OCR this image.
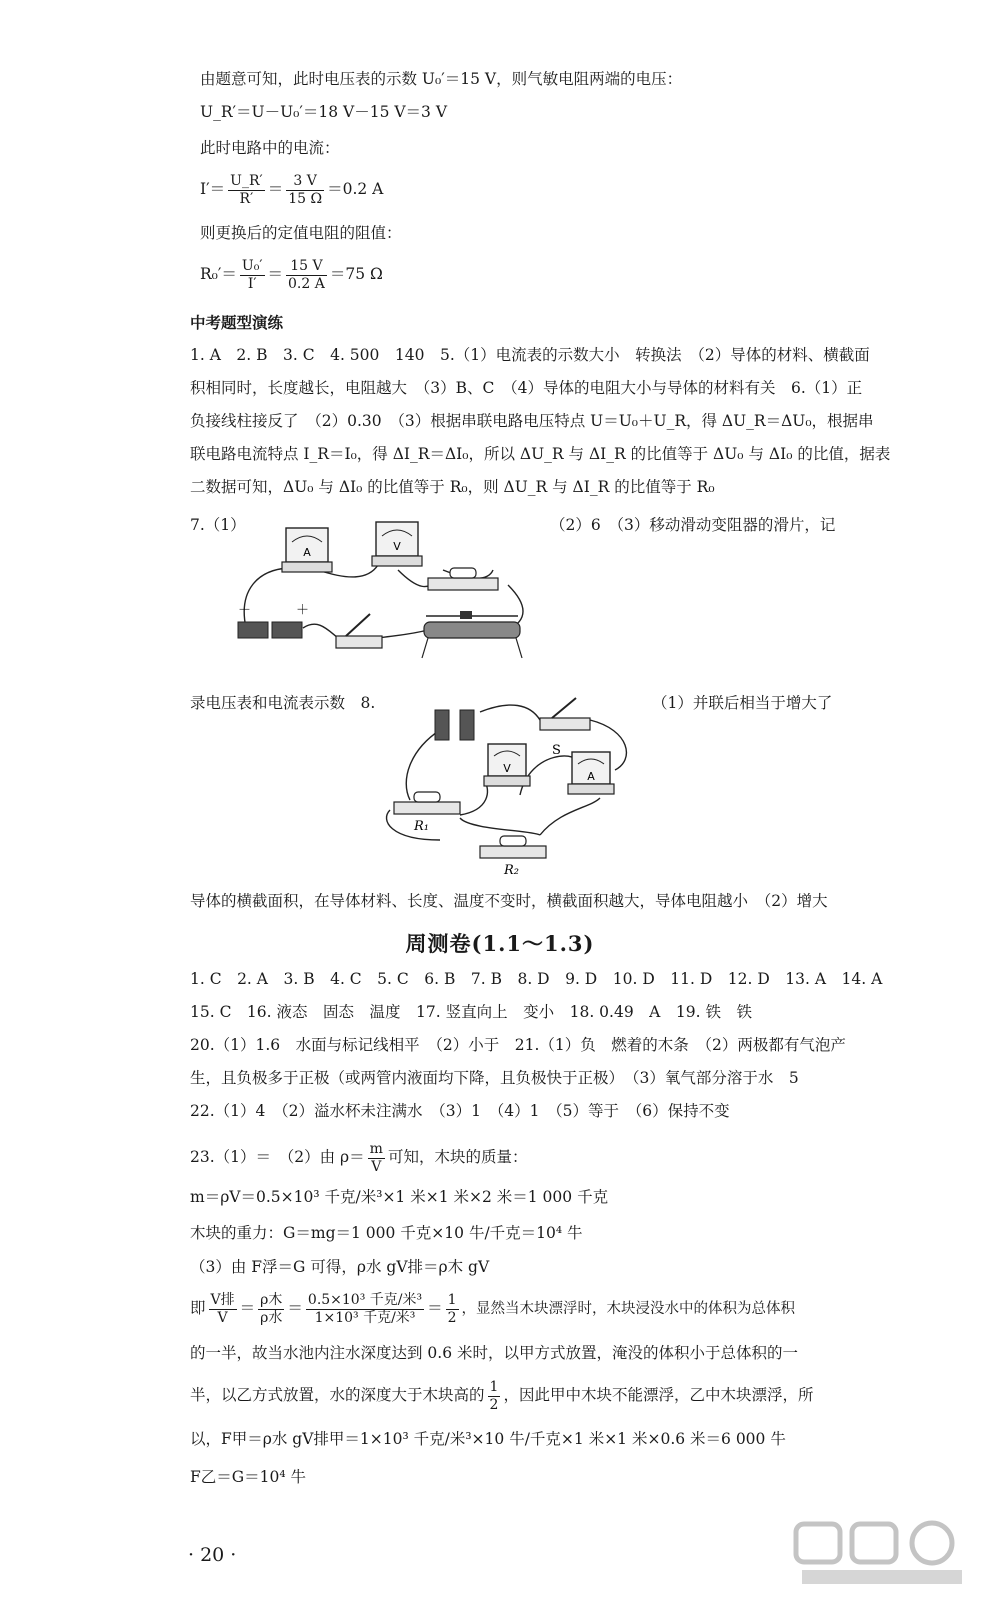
由题意可知，此时电压表的示数 U₀′＝15 V，则气敏电阻两端的电压：
U_R′＝U－U₀′＝18 V－15 V＝3 V
此时电路中的电流：
$I'= \frac{U\_R'}{R'} = \frac{3 V}{15 \Omega} =0.2$ A
则更换后的定值电阻的阻值：
$R_0'= \frac{\text{U₀′}}{I'} = \frac{15 V}{0.2 A} =75$ Ω
中考题型演练
1. A　2. B　3. C　4. 500　140　5.（1）电流表的示数大小　转换法　（2）导体的材料、横截面
积相同时，长度越长，电阻越大　（3）B、C　（4）导体的电阻大小与导体的材料有关　6.（1）正
负接线柱接反了　（2）0.30　（3）根据串联电路电压特点 U＝U₀＋U_R，得 ΔU_R＝ΔU₀，根据串
联电路电流特点 I_R＝I₀，得 ΔI_R＝ΔI₀，所以 ΔU_R 与 ΔI_R 的比值等于 ΔU₀ 与 ΔI₀ 的比值，据表
二数据可知，ΔU₀ 与 ΔI₀ 的比值等于 R₀，则 ΔU_R 与 ΔI_R 的比值等于 R₀
7.（1）	（2）6　（3）移动滑动变阻器的滑片，记
A	V
－	＋
录电压表和电流表示数　8.	（1）并联后相当于增大了
S
V
A
R₁
R₂
导体的横截面积，在导体材料、长度、温度不变时，横截面积越大，导体电阻越小　（2）增大
周测卷(1.1～1.3)
1. C　2. A　3. B　4. C　5. C　6. B　7. B　8. D　9. D　10. D　11. D　12. D　13. A　14. A
15. C　16. 液态　固态　温度　17. 竖直向上　变小　18. 0.49　A　19. 铁　铁
20.（1）1.6　水面与标记线相平　（2）小于　21.（1）负　燃着的木条　（2）两极都有气泡产
生，且负极多于正极（或两管内液面均下降，且负极快于正极）　（3）氧气部分溶于水　5
22.（1）4　（2）溢水杯未注满水　（3）1　（4）1　（5）等于　（6）保持不变
23.（1）＝　（2）由 $\rho= \frac{m}{V}$ 可知，木块的质量：
m＝ρV＝0.5×10³ 千克/米³×1 米×1 米×2 米＝1 000 千克
木块的重力：G＝mg＝1 000 千克×10 牛/千克＝10⁴ 牛
（3）由 F浮＝G 可得，ρ水 gV排＝ρ木 gV
即 $\frac{\text{V排}}{V} = \frac{\text{ρ木}}{\text{ρ水}} = \frac{\text{0.5×10³ 千克/米³}}{\text{1×10³ 千克/米³}} = \frac{1}{2}$ ，显然当木块漂浮时，木块浸没水中的体积为总体积
的一半，故当水池内注水深度达到 0.6 米时，以甲方式放置，淹没的体积小于总体积的一
半，以乙方式放置，水的深度大于木块高的 $\frac{1}{2}$ ，因此甲中木块不能漂浮，乙中木块漂浮，所
以，F甲＝ρ水 gV排甲＝1×10³ 千克/米³×10 牛/千克×1 米×1 米×0.6 米＝6 000 牛
F乙＝G＝10⁴ 牛
· 20 ·
